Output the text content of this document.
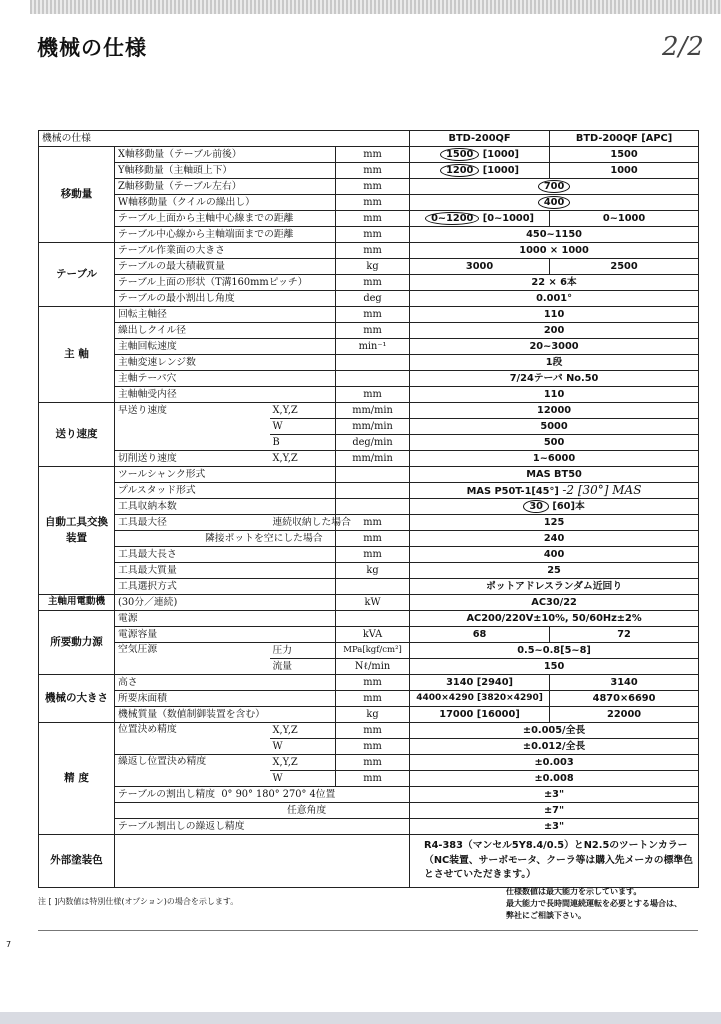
機械の仕様	2/2
機械の仕様				BTD-200QF	BTD-200QF [APC]
移動量	X軸移動量（テーブル前後）		mm	1500 [1000]	1500
	Y軸移動量（主軸頭上下）		mm	1200 [1000]	1000
	Z軸移動量（テーブル左右）		mm	700	
	W軸移動量（クイルの繰出し）		mm	400	
	テーブル上面から主軸中心線までの距離		mm	0~1200 [0~1000]	0~1000
	テーブル中心線から主軸端面までの距離		mm	450~1150	
テーブル	テーブル作業面の大きさ		mm	1000 × 1000	
	テーブルの最大積載質量		kg	3000	2500
	テーブル上面の形状（T溝160mmピッチ）		mm	22 × 6本	
	テーブルの最小割出し角度		deg	0.001°	
主 軸	回転主軸径		mm	110	
	繰出しクイル径		mm	200	
	主軸回転速度		min⁻¹	20~3000	
	主軸変速レンジ数			1段	
	主軸テーパ穴			7/24テーパ No.50	
	主軸軸受内径		mm	110	
送り速度	早送り速度	X,Y,Z	mm/min	12000	
		W	mm/min	5000	
		B	deg/min	500	
	切削送り速度	X,Y,Z	mm/min	1~6000	
自動工具交換装置	ツールシャンク形式			MAS BT50	
	プルスタッド形式			MAS P50T-1[45°] -2 [30°] MAS	
	工具収納本数			30 [60]本	
	工具最大径	連続収納した場合	mm	125	
	隣接ポットを空にした場合		mm	240	
	工具最大長さ		mm	400	
	工具最大質量		kg	25	
	工具選択方式			ポットアドレスランダム近回り	
主軸用電動機	(30分／連続)		kW	AC30/22	
所要動力源	電源			AC200/220V±10%, 50/60Hz±2%	
	電源容量		kVA	68	72
	空気圧源	圧力	MPa[kgf/cm²]	0.5~0.8[5~8]	
		流量	Nℓ/min	150	
機械の大きさ	高さ		mm	3140 [2940]	3140
	所要床面積		mm	4400×4290 [3820×4290]	4870×6690
	機械質量（数値制御装置を含む）		kg	17000 [16000]	22000
精 度	位置決め精度	X,Y,Z	mm	±0.005/全長	
		W	mm	±0.012/全長	
	繰返し位置決め精度	X,Y,Z	mm	±0.003	
		W	mm	±0.008	
	テーブルの割出し精度 0° 90° 180° 270° 4位置			±3"	
	任意角度			±7"	
	テーブル割出しの繰返し精度			±3"	
外部塗装色				R4-383（マンセル5Y8.4/0.5）とN2.5のツートンカラー（NC装置、サーボモータ、クーラ等は購入先メーカの標準色とさせていただきます。）	
注 [ ]内数値は特別仕様(オプション)の場合を示します。
仕様数値は最大能力を示しています。
最大能力で長時間連続運転を必要とする場合は、
弊社にご相談下さい。
7
